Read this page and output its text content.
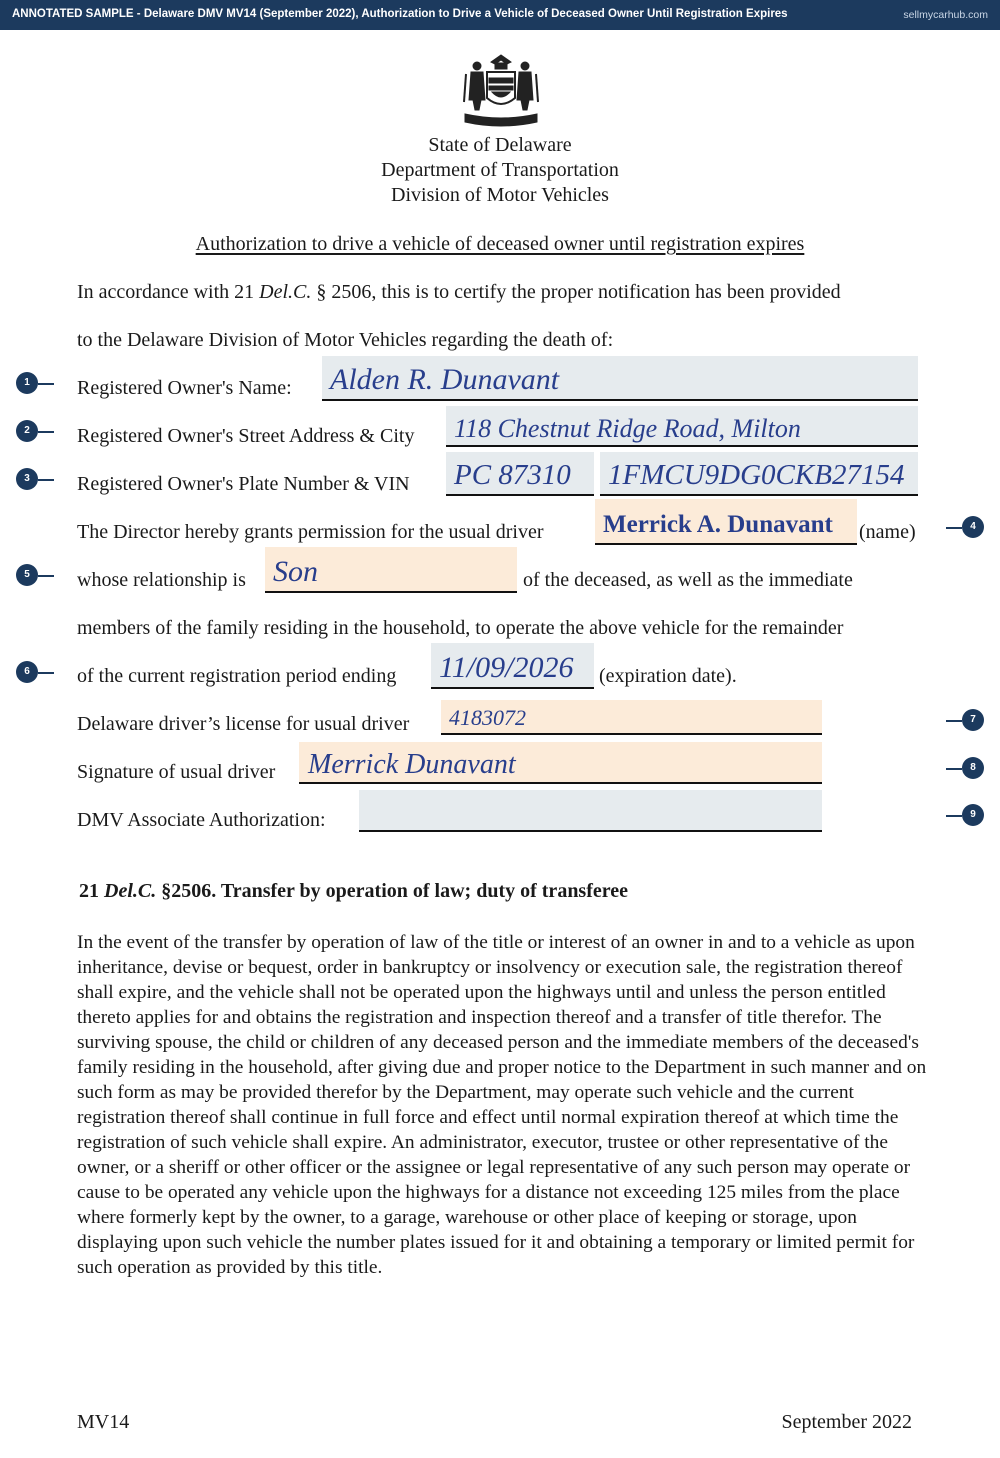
ANNOTATED SAMPLE - Delaware DMV MV14 (September 2022), Authorization to Drive a Vehicle of Deceased Owner Until Registration Expires	sellmycarhub.com
State of Delaware
Department of Transportation
Division of Motor Vehicles
Authorization to drive a vehicle of deceased owner until registration expires
In accordance with 21 Del.C. § 2506, this is to certify the proper notification has been provided
to the Delaware Division of Motor Vehicles regarding the death of:
Registered Owner's Name: Alden R. Dunavant
Registered Owner's Street Address & City 118 Chestnut Ridge Road, Milton
Registered Owner's Plate Number & VIN PC 87310 1FMCU9DG0CKB27154
The Director hereby grants permission for the usual driver Merrick A. Dunavant (name)
whose relationship is Son	of the deceased, as well as the immediate
members of the family residing in the household, to operate the above vehicle for the remainder
of the current registration period ending 11/09/2026 (expiration date).
Delaware driver’s license for usual driver 4183072
Signature of usual driver Merrick Dunavant
DMV Associate Authorization:
1
2
3
5
6
4
7
8
9
21 Del.C. §2506. Transfer by operation of law; duty of transferee
In the event of the transfer by operation of law of the title or interest of an owner in and to a vehicle as upon inheritance, devise or bequest, order in bankruptcy or insolvency or execution sale, the registration thereof shall expire, and the vehicle shall not be operated upon the highways until and unless the person entitled thereto applies for and obtains the registration and inspection thereof and a transfer of title therefor. The surviving spouse, the child or children of any deceased person and the immediate members of the deceased's family residing in the household, after giving due and proper notice to the Department in such manner and on such form as may be provided therefor by the Department, may operate such vehicle and the current registration thereof shall continue in full force and effect until normal expiration thereof at which time the registration of such vehicle shall expire. An administrator, executor, trustee or other representative of the owner, or a sheriff or other officer or the assignee or legal representative of any such person may operate or cause to be operated any vehicle upon the highways for a distance not exceeding 125 miles from the place where formerly kept by the owner, to a garage, warehouse or other place of keeping or storage, upon displaying upon such vehicle the number plates issued for it and obtaining a temporary or limited permit for such operation as provided by this title.
MV14	September 2022
